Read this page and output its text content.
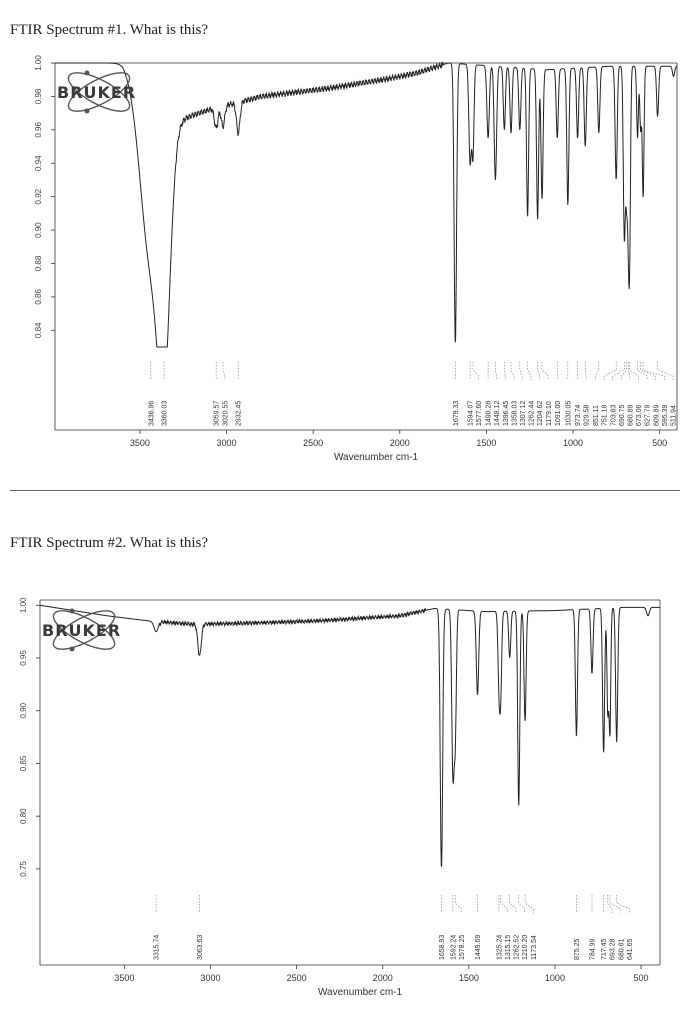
FTIR Spectrum #1. What is this?
0.84
0.86
0.88
0.90
0.92
0.94
0.96
0.98
1.00
3500	3000	2500	2000	1500	1000	500
Wavenumber cm-1
3436.96 3360.03	3059.57 3020.55 2932.45	1679.33 1594.07 1577.60 1490.28 1448.12 1396.45 1358.03 1307.12 1262.44 1204.62 1179.10 1091.00 1030.05 973.74 929.58 851.11 751.18 703.83 690.75 680.89 673.06 627.79 609.89 595.39 511.94
BRUKER
FTIR Spectrum #2. What is this?
0.75
0.80
0.85
0.90
0.95
1.00
3500	3000	2500	2000	1500	1000	500
Wavenumber cm-1
3315.74	3063.63	1658.93 1592.24 1578.25 1449.69 1325.24 1315.15 1262.52 1210.20 1173.54	875.25 784.99 717.45 693.28 680.81 641.65
BRUKER
